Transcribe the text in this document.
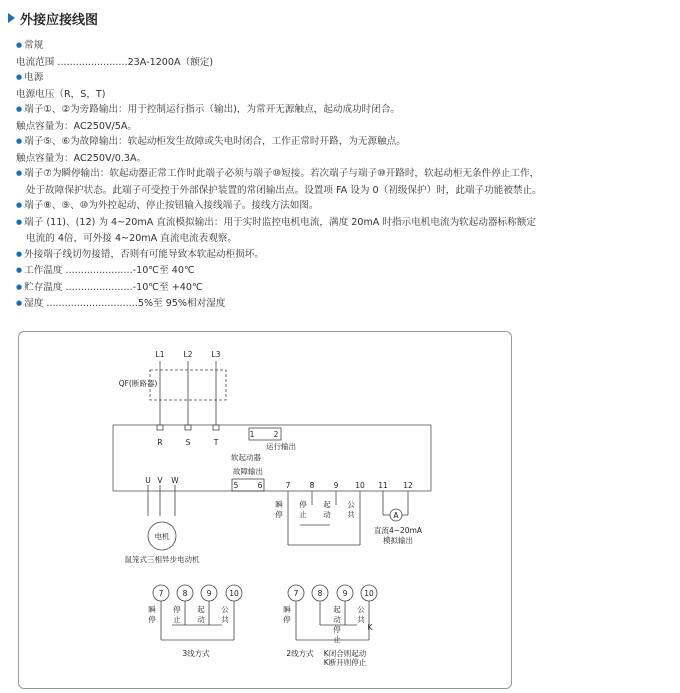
外接应接线图
● 常规
电流范围 .......................23A-1200A（额定)
● 电源
电源电压（R，S，T)
● 端子①、②为旁路输出：用于控制运行指示（输出)，为常开无源触点，起动成功时闭合。
触点容量为：AC250V/5A。
● 端子⑤、⑥为故障输出：软起动柜发生故障或失电时闭合，工作正常时开路，为无源触点。
触点容量为：AC250V/0.3A。
● 端子⑦为瞬停输出：软起动器正常工作时此端子必须与端子⑩短接。若次端子与端子⑩开路时，软起动柜无条件停止工作，
处于故障保护状态。此端子可受控于外部保护装置的常闭输出点。设置项 FA 设为 0（初级保护）时，此端子功能被禁止。
● 端子⑧、⑨、⑩为外控起动、停止按钮输入接线端子。接线方法如图。
● 端子 (11)、(12) 为 4~20mA 直流模拟输出：用于实时监控电机电流，满度 20mA 时指示电机电流为软起动器标称额定
电流的 4倍，可外接 4~20mA 直流电流表观察。
● 外接端子线切勿接错，否则有可能导致本软起动柜损坏。
● 工作温度 ......................-10℃至 40℃
● 贮存温度 ......................-10℃至 +40℃
● 湿度 ..............................5%至 95%相对湿度
L1	L2	L3
QF(断路器)
R	S	T
U V W
1	2
运行输出
软起动器
故障输出
5	6	7	8	9 10 11 12
瞬
停
停
止
起
动
公
共	A
直流4~20mA
模拟输出
电机
鼠笼式三相异步电动机
7	8	9 10
瞬
停
停
止
起
动
公
共
3线方式
7	8	9 10
瞬
停
起
动
停
止
公
共
K
2线方式 K闭合则起动
K断开则停止
